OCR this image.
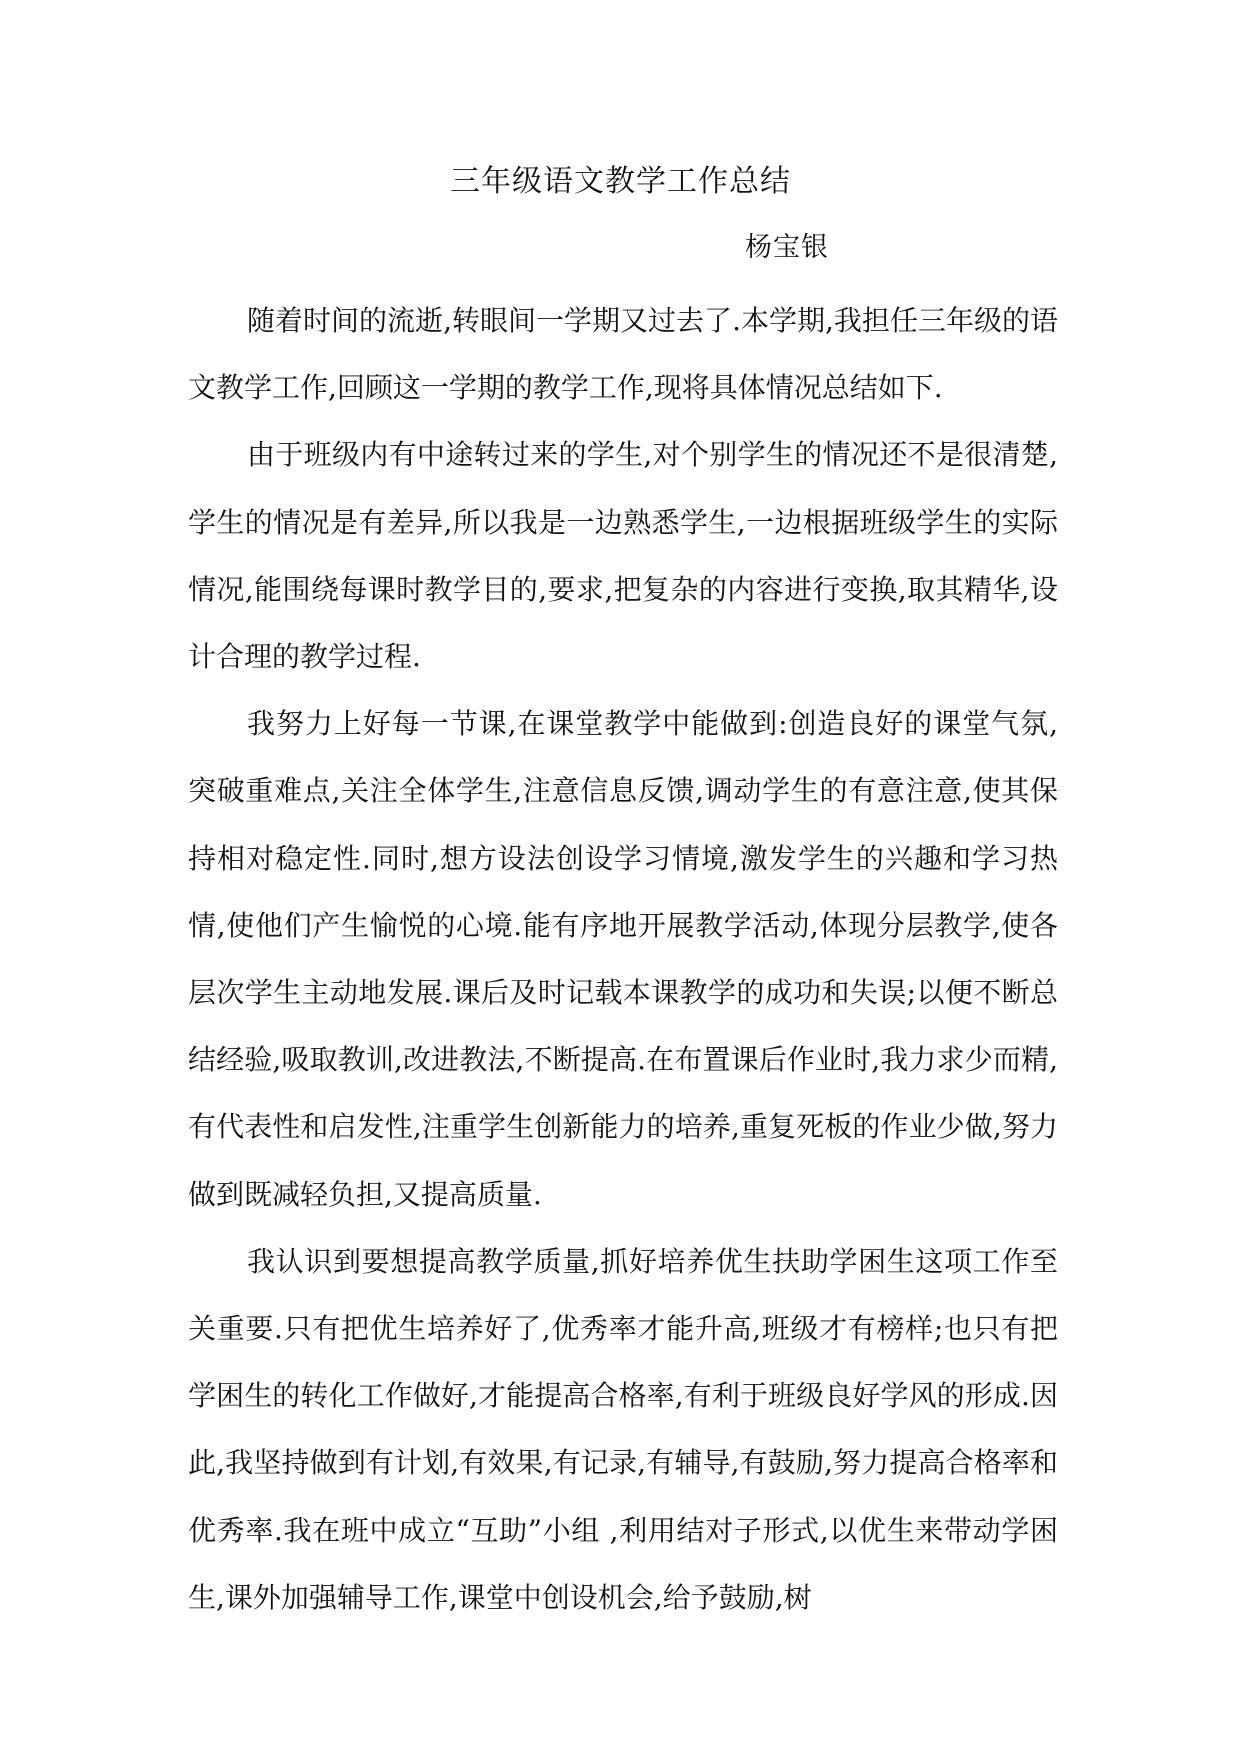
三年级语文教学工作总结
杨宝银

随着时间的流逝,转眼间一学期又过去了.本学期,我担任三年级的语文教学工作,回顾这一学期的教学工作,现将具体情况总结如下.

由于班级内有中途转过来的学生,对个别学生的情况还不是很清楚,学生的情况是有差异,所以我是一边熟悉学生,一边根据班级学生的实际情况,能围绕每课时教学目的,要求,把复杂的内容进行变换,取其精华,设计合理的教学过程.

我努力上好每一节课,在课堂教学中能做到:创造良好的课堂气氛,突破重难点,关注全体学生,注意信息反馈,调动学生的有意注意,使其保持相对稳定性.同时,想方设法创设学习情境,激发学生的兴趣和学习热情,使他们产生愉悦的心境.能有序地开展教学活动,体现分层教学,使各层次学生主动地发展.课后及时记载本课教学的成功和失误;以便不断总结经验,吸取教训,改进教法,不断提高.在布置课后作业时,我力求少而精,有代表性和启发性,注重学生创新能力的培养,重复死板的作业少做,努力做到既减轻负担,又提高质量.

我认识到要想提高教学质量,抓好培养优生扶助学困生这项工作至关重要.只有把优生培养好了,优秀率才能升高,班级才有榜样;也只有把学困生的转化工作做好,才能提高合格率,有利于班级良好学风的形成.因此,我坚持做到有计划,有效果,有记录,有辅导,有鼓励,努力提高合格率和优秀率.我在班中成立“互助”小组 ,利用结对子形式,以优生来带动学困生,课外加强辅导工作,课堂中创设机会,给予鼓励,树
